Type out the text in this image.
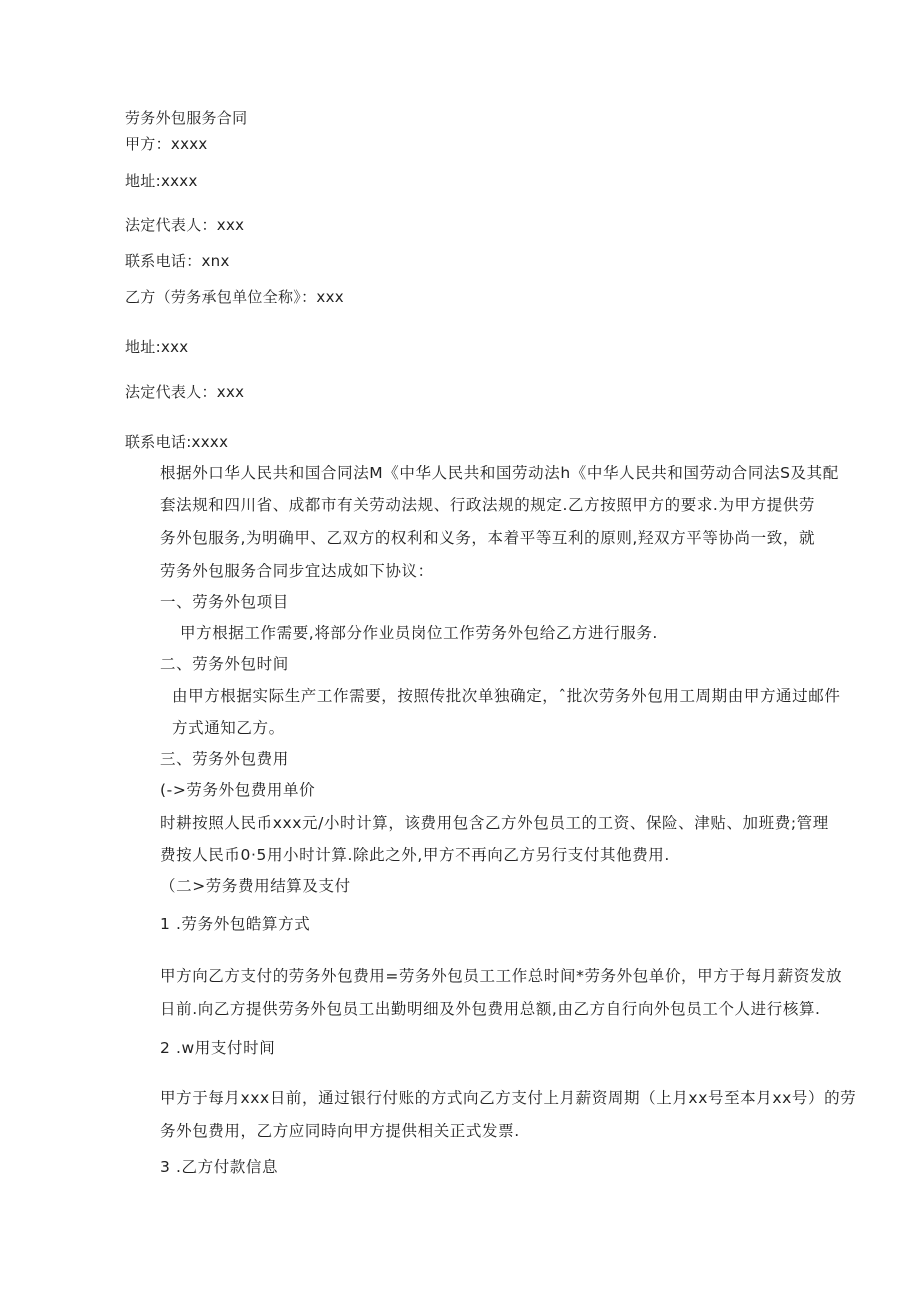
劳务外包服务合同
甲方：xxxx
地址:xxxx
法定代表人：xxx
联系电话：xnx
乙方（劳务承包单位全称》：xxx
地址:xxx
法定代表人：xxx
联系电话:xxxx
根据外口华人民共和国合同法M《中华人民共和国劳动法h《中华人民共和国劳动合同法S及其配
套法规和四川省、成都市有关劳动法规、行政法规的规定.乙方按照甲方的要求.为甲方提供劳
务外包服务,为明确甲、乙双方的权利和义务，本着平等互利的原则,羟双方平等协尚一致，就
劳务外包服务合同步宜达成如下协议：
一、劳务外包项目
甲方根据工作需要,将部分作业员岗位工作劳务外包给乙方进行服务.
二、劳务外包时间
由甲方根据实际生产工作需要，按照传批次单独确定，ˆ批次劳务外包用工周期由甲方通过邮件
方式通知乙方。
三、劳务外包费用
(->劳务外包费用单价
时耕按照人民币xxx元/小时计算，该费用包含乙方外包员工的工资、保险、津贴、加班费;管理
费按人民币0·5用小时计算.除此之外,甲方不再向乙方另行支付其他费用.
（二>劳务费用结算及支付
1 .劳务外包皓算方式
甲方向乙方支付的劳务外包费用=劳务外包员工工作总时间*劳务外包单价，甲方于每月薪资发放
日前.向乙方提供劳务外包员工出勤明细及外包费用总额,由乙方自行向外包员工个人进行核算.
2 .w用支付时间
甲方于每月xxx日前，通过银行付账的方式向乙方支付上月薪资周期（上月xx号至本月xx号）的劳
务外包费用，乙方应同時向甲方提供相关正式发票.
3 .乙方付款信息
